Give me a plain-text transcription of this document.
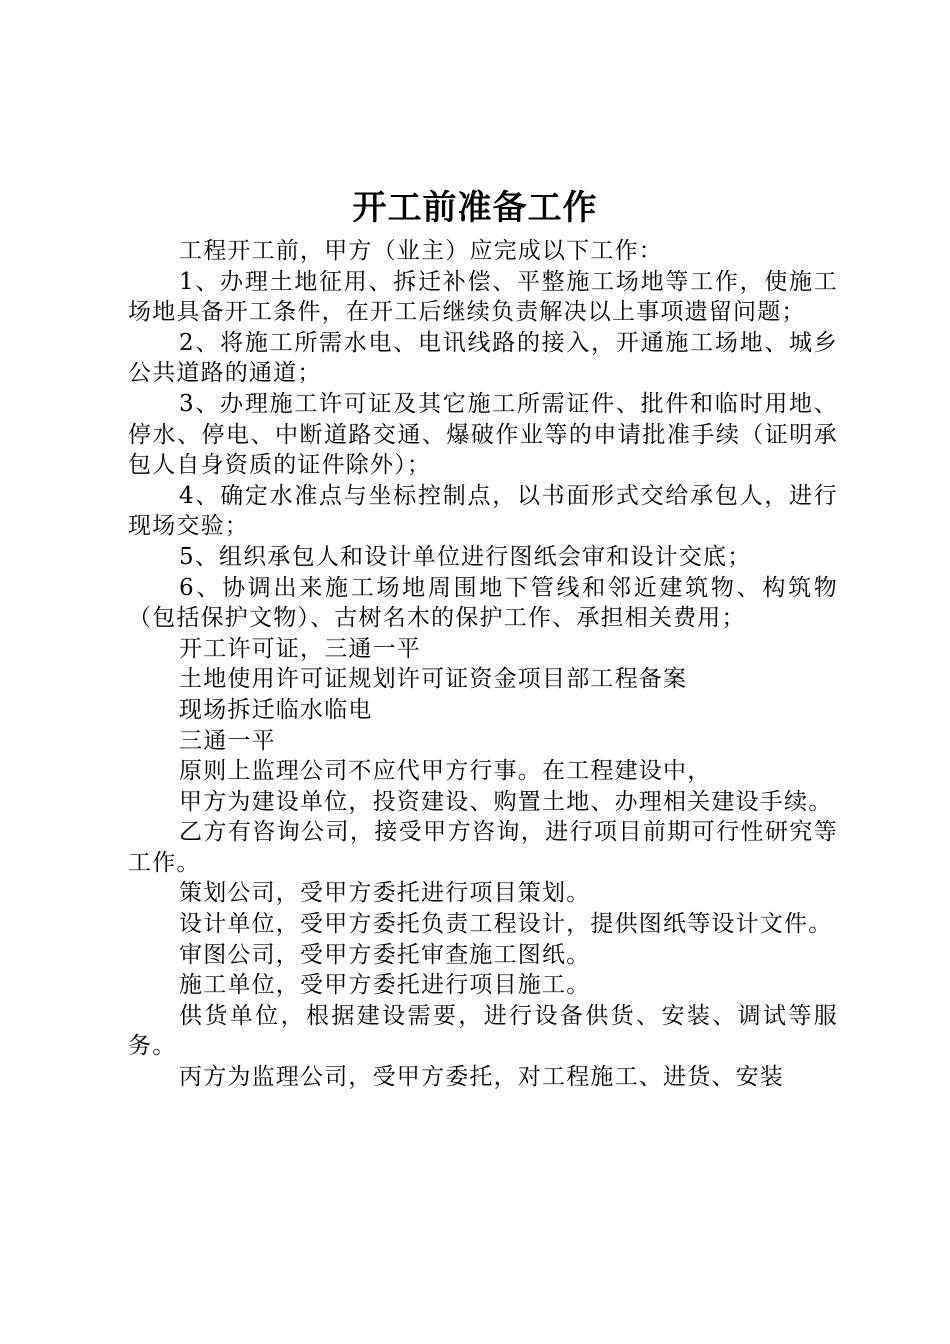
开工前准备工作

工程开工前，甲方（业主）应完成以下工作：

1、办理土地征用、拆迁补偿、平整施工场地等工作，使施工场地具备开工条件，在开工后继续负责解决以上事项遗留问题；

2、将施工所需水电、电讯线路的接入，开通施工场地、城乡公共道路的通道；

3、办理施工许可证及其它施工所需证件、批件和临时用地、停水、停电、中断道路交通、爆破作业等的申请批准手续（证明承包人自身资质的证件除外）；

4、确定水准点与坐标控制点，以书面形式交给承包人，进行现场交验；

5、组织承包人和设计单位进行图纸会审和设计交底；

6、协调出来施工场地周围地下管线和邻近建筑物、构筑物（包括保护文物）、古树名木的保护工作、承担相关费用；

开工许可证，三通一平

土地使用许可证规划许可证资金项目部工程备案

现场拆迁临水临电

三通一平

原则上监理公司不应代甲方行事。在工程建设中，

甲方为建设单位，投资建设、购置土地、办理相关建设手续。

乙方有咨询公司，接受甲方咨询，进行项目前期可行性研究等工作。

策划公司，受甲方委托进行项目策划。

设计单位，受甲方委托负责工程设计，提供图纸等设计文件。

审图公司，受甲方委托审查施工图纸。

施工单位，受甲方委托进行项目施工。

供货单位，根据建设需要，进行设备供货、安装、调试等服务。

丙方为监理公司，受甲方委托，对工程施工、进货、安装
